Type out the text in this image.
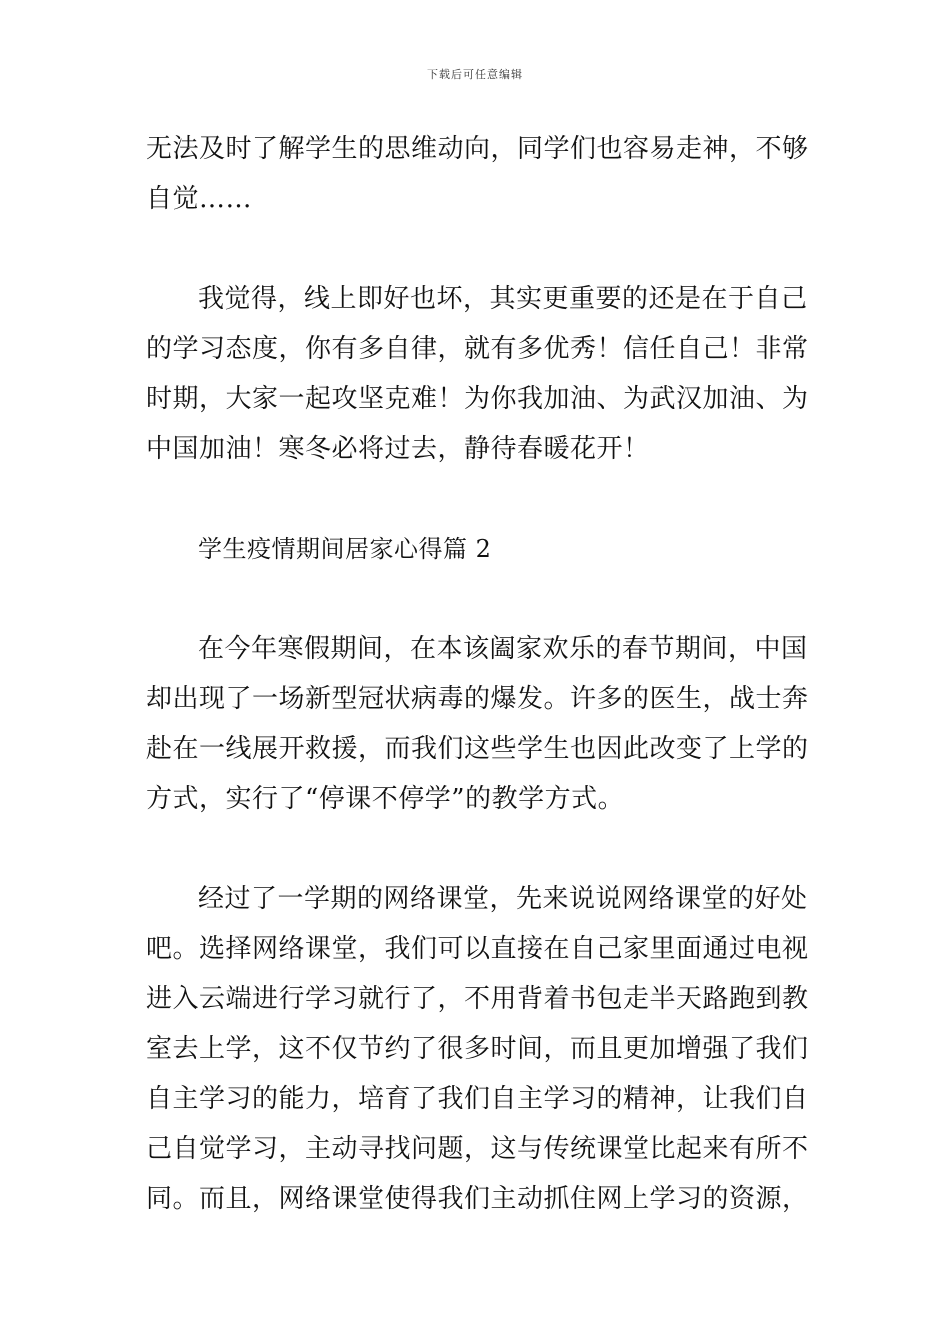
下载后可任意编辑
无法及时了解学生的思维动向，同学们也容易走神，不够
自觉……
我觉得，线上即好也坏，其实更重要的还是在于自己
的学习态度，你有多自律，就有多优秀！信任自己！非常
时期，大家一起攻坚克难！为你我加油、为武汉加油、为
中国加油！寒冬必将过去，静待春暖花开！
学生疫情期间居家心得篇 2
在今年寒假期间，在本该阖家欢乐的春节期间，中国
却出现了一场新型冠状病毒的爆发。许多的医生，战士奔
赴在一线展开救援，而我们这些学生也因此改变了上学的
方式，实行了“停课不停学”的教学方式。
经过了一学期的网络课堂，先来说说网络课堂的好处
吧。选择网络课堂，我们可以直接在自己家里面通过电视
进入云端进行学习就行了，不用背着书包走半天路跑到教
室去上学，这不仅节约了很多时间，而且更加增强了我们
自主学习的能力，培育了我们自主学习的精神，让我们自
己自觉学习，主动寻找问题，这与传统课堂比起来有所不
同。而且，网络课堂使得我们主动抓住网上学习的资源，
